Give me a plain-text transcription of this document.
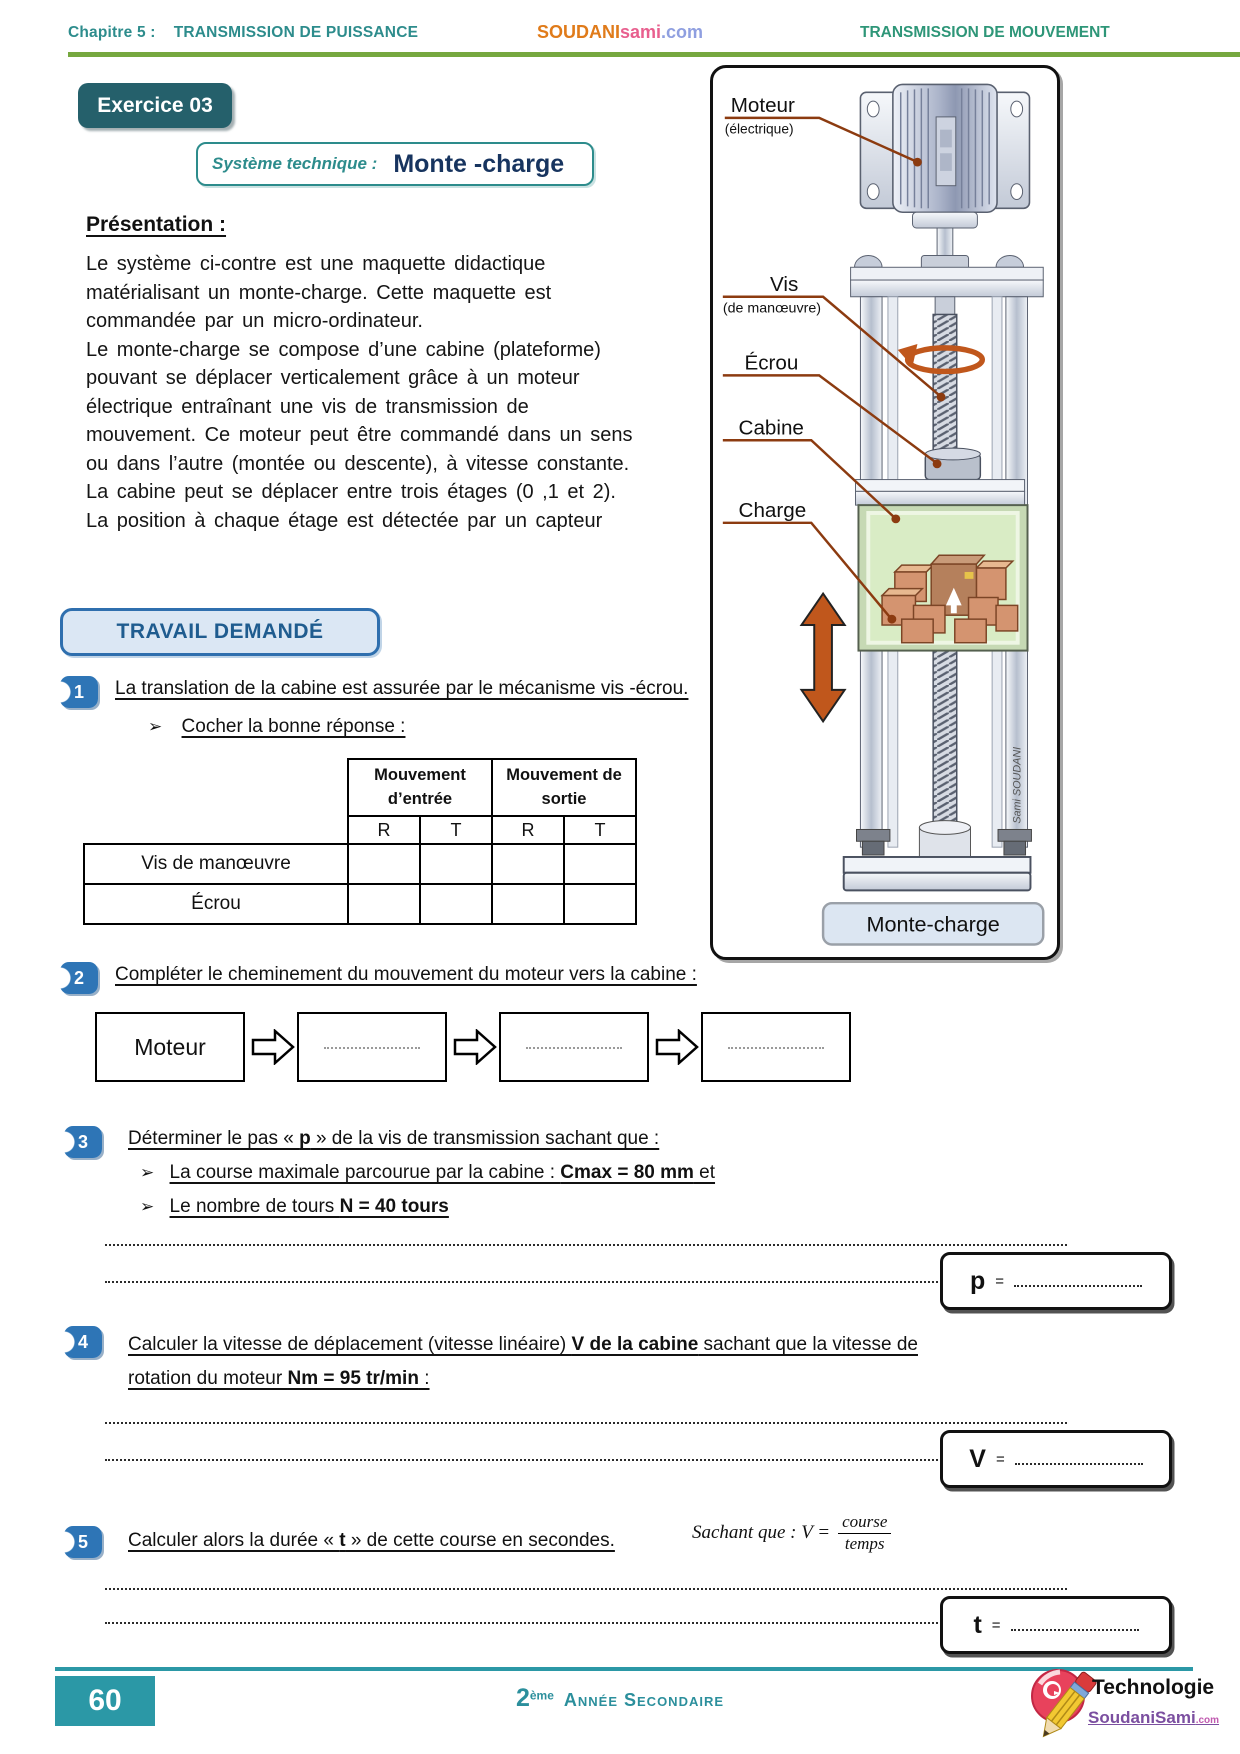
Chapitre 5 : TRANSMISSION DE PUISSANCE	SOUDANIsami.com	TRANSMISSION DE MOUVEMENT
Exercice 03
Système technique : Monte -charge
Présentation :
Le système ci-contre est une maquette didactique
matérialisant un monte-charge. Cette maquette est
commandée par un micro-ordinateur.
Le monte-charge se compose d’une cabine (plateforme)
pouvant se déplacer verticalement grâce à un moteur
électrique entraînant une vis de transmission de
mouvement. Ce moteur peut être commandé dans un sens
ou dans l’autre (montée ou descente), à vitesse constante.
La cabine peut se déplacer entre trois étages (0 ,1 et 2).
La position à chaque étage est détectée par un capteur
Sami SOUDANI
Monte-charge
Moteur
(électrique)
Vis
(de manœuvre)
Écrou
Cabine
Charge
TRAVAIL DEMANDÉ
1	La translation de la cabine est assurée par le mécanisme vis -écrou.
➢ Cocher la bonne réponse :
	Mouvement d’entrée		Mouvement de sortie	
	R	T	R	T
Vis de manœuvre				
Écrou				
2	Compléter le cheminement du mouvement du moteur vers la cabine :
Moteur
3	Déterminer le pas « p » de la vis de transmission sachant que :
➢ La course maximale parcourue par la cabine : Cmax = 80 mm et
➢ Le nombre de tours N = 40 tours
p =
4	Calculer la vitesse de déplacement (vitesse linéaire) V de la cabine sachant que la vitesse de
rotation du moteur Nm = 95 tr/min :
V =
5	Calculer alors la durée « t » de cette course en secondes.	Sachant que : $V = \frac{\text{course}}{\text{temps}}$
t =
60	2ème Année Secondaire
Technologie
SoudaniSami.com
